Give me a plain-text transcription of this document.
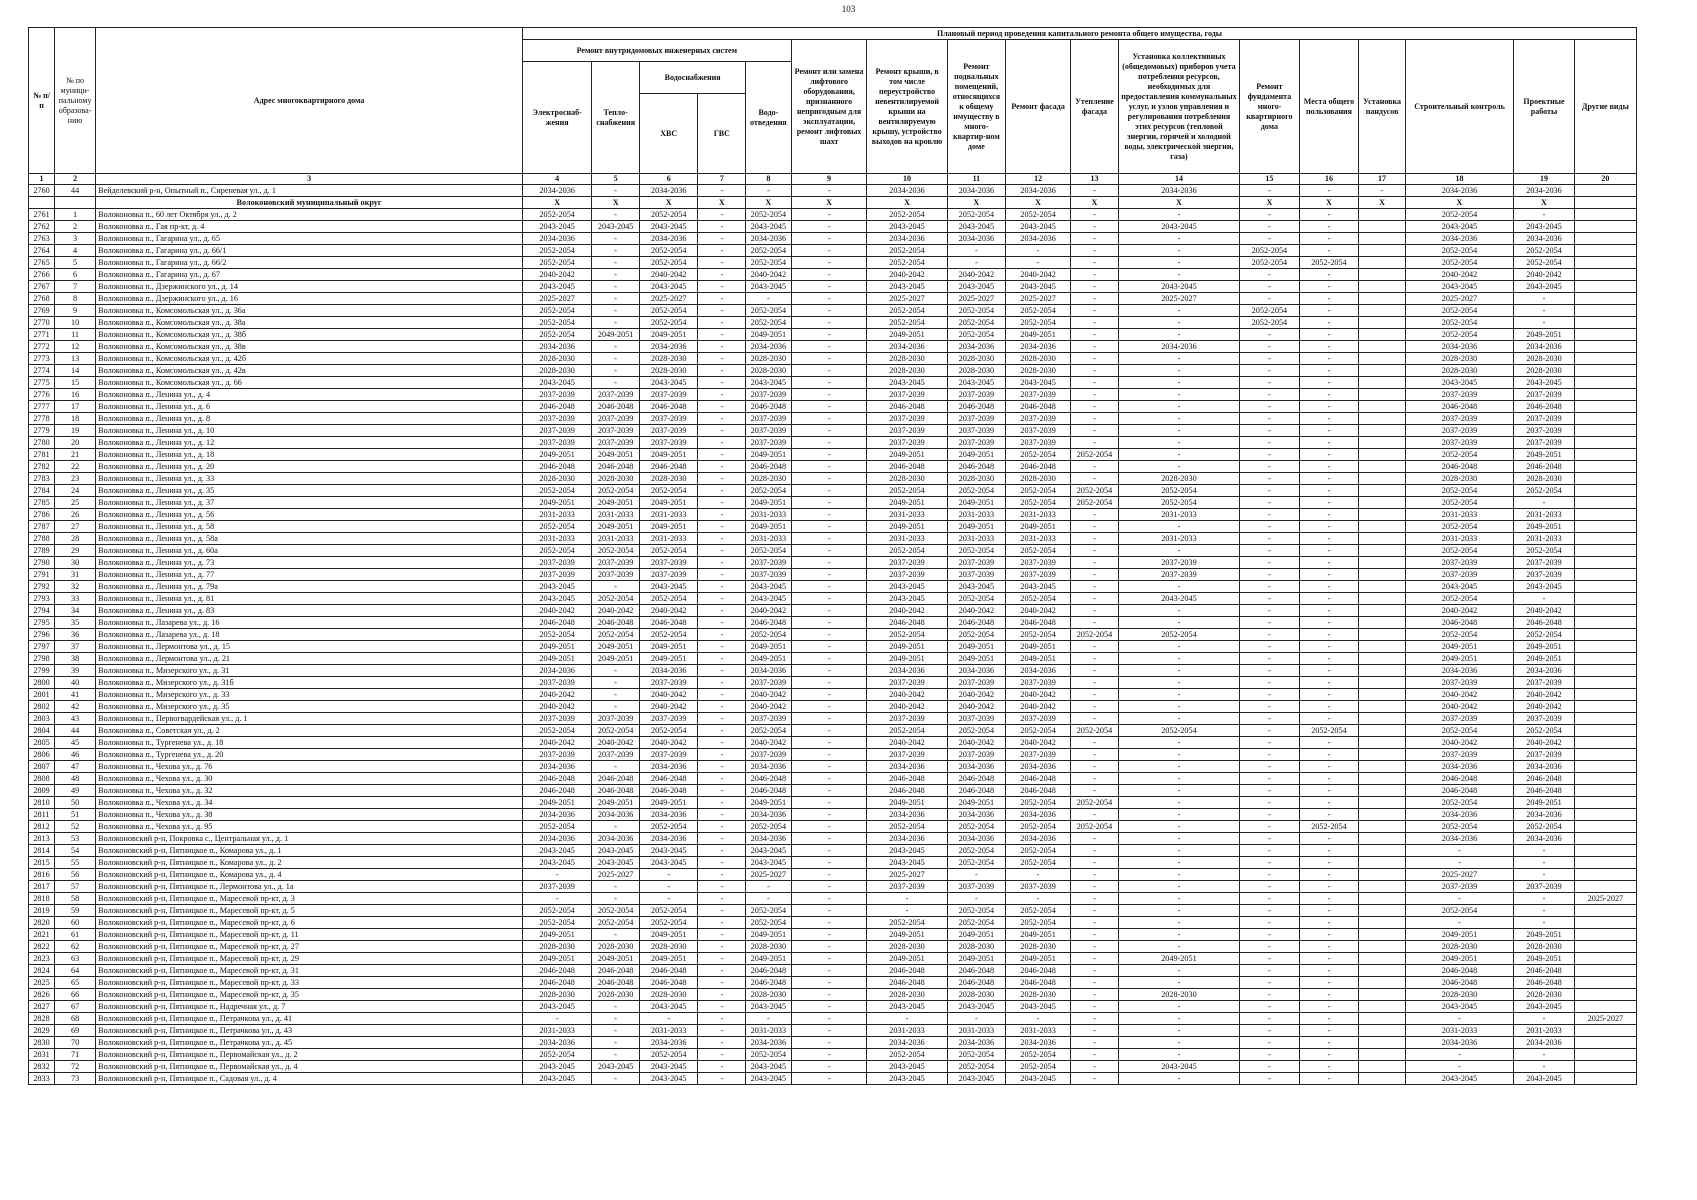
103
№ п/п	№ по муници-пальному образова-нию	Адрес многоквартирного дома	Плановый период проведения капитального ремонта общего имущества, годы																
			Ремонт внутридомовых инженерных систем					Ремонт или замена лифтового оборудования, признанного непригодным для эксплуатации, ремонт лифтовых шахт	Ремонт крыши, в том числе переустройство невентилируемой крыши на вентилируемую крышу, устройство выходов на кровлю	Ремонт подвальных помещений, относящихся к общему имуществу в много-квартир-ном доме	Ремонт фасада	Утепление фасада	Установка коллективных (общедомовых) приборов учета потребления ресурсов, необходимых для предоставления коммунальных услуг, и узлов управления и регулирования потребления этих ресурсов (тепловой энергии, горячей и холодной воды, электрической энергии, газа)	Ремонт фундамента много-квартирного дома	Места общего пользования	Установка пандусов	Строительный контроль	Проектные работы	Другие виды
			Электроснаб-жения	Тепло-снабжения	Водоснабжения		Водо-отведения												
					ХВС	ГВС													
1	2	3	4	5	6	7	8	9	10	11	12	13	14	15	16	17	18	19	20
2760	44	Вейделевский р-н, Опытный п., Сиреневая ул., д. 1	2034-2036	-	2034-2036	-	-	-	2034-2036	2034-2036	2034-2036	-	2034-2036	-	-	-	2034-2036	2034-2036	
		Волоконовский муниципальный округ	X	X	X	X	X	X	X	X	X	X	X	X	X	X	X	X	
2761	1	Волоконовка п., 60 лет Октября ул., д. 2	2052-2054	-	2052-2054	-	2052-2054	-	2052-2054	2052-2054	2052-2054	-	-	-	-		2052-2054	-	
2762	2	Волоконовка п., Гая пр-кт, д. 4	2043-2045	2043-2045	2043-2045	-	2043-2045	-	2043-2045	2043-2045	2043-2045	-	2043-2045	-	-		2043-2045	2043-2045	
2763	3	Волоконовка п., Гагарина ул., д. 65	2034-2036	-	2034-2036	-	2034-2036	-	2034-2036	2034-2036	2034-2036	-	-	-	-		2034-2036	2034-2036	
2764	4	Волоконовка п., Гагарина ул., д. 66/1	2052-2054	-	2052-2054	-	2052-2054	-	2052-2054	-	-	-	-	2052-2054	-		2052-2054	2052-2054	
2765	5	Волоконовка п., Гагарина ул., д. 66/2	2052-2054	-	2052-2054	-	2052-2054	-	2052-2054	-	-	-	-	2052-2054	2052-2054		2052-2054	2052-2054	
2766	6	Волоконовка п., Гагарина ул., д. 67	2040-2042	-	2040-2042	-	2040-2042	-	2040-2042	2040-2042	2040-2042	-	-	-	-		2040-2042	2040-2042	
2767	7	Волоконовка п., Дзержинского ул., д. 14	2043-2045	-	2043-2045	-	2043-2045	-	2043-2045	2043-2045	2043-2045	-	2043-2045	-	-		2043-2045	2043-2045	
2768	8	Волоконовка п., Дзержинского ул., д. 16	2025-2027	-	2025-2027	-	-	-	2025-2027	2025-2027	2025-2027	-	2025-2027	-	-		2025-2027	-	
2769	9	Волоконовка п., Комсомольская ул., д. 36а	2052-2054	-	2052-2054	-	2052-2054	-	2052-2054	2052-2054	2052-2054	-	-	2052-2054	-		2052-2054	-	
2770	10	Волоконовка п., Комсомольская ул., д. 38а	2052-2054	-	2052-2054	-	2052-2054	-	2052-2054	2052-2054	2052-2054	-	-	2052-2054	-		2052-2054	-	
2771	11	Волоконовка п., Комсомольская ул., д. 38б	2052-2054	2049-2051	2049-2051	-	2049-2051	-	2049-2051	2052-2054	2049-2051	-	-	-	-		2052-2054	2049-2051	
2772	12	Волоконовка п., Комсомольская ул., д. 38в	2034-2036	-	2034-2036	-	2034-2036	-	2034-2036	2034-2036	2034-2036	-	2034-2036	-	-		2034-2036	2034-2036	
2773	13	Волоконовка п., Комсомольская ул., д. 42б	2028-2030	-	2028-2030	-	2028-2030	-	2028-2030	2028-2030	2028-2030	-	-	-	-		2028-2030	2028-2030	
2774	14	Волоконовка п., Комсомольская ул., д. 42в	2028-2030	-	2028-2030	-	2028-2030	-	2028-2030	2028-2030	2028-2030	-	-	-	-		2028-2030	2028-2030	
2775	15	Волоконовка п., Комсомольская ул., д. 66	2043-2045	-	2043-2045	-	2043-2045	-	2043-2045	2043-2045	2043-2045	-	-	-	-		2043-2045	2043-2045	
2776	16	Волоконовка п., Ленина ул., д. 4	2037-2039	2037-2039	2037-2039	-	2037-2039	-	2037-2039	2037-2039	2037-2039	-	-	-	-		2037-2039	2037-2039	
2777	17	Волоконовка п., Ленина ул., д. 6	2046-2048	2046-2048	2046-2048	-	2046-2048	-	2046-2048	2046-2048	2046-2048	-	-	-	-		2046-2048	2046-2048	
2778	18	Волоконовка п., Ленина ул., д. 8	2037-2039	2037-2039	2037-2039	-	2037-2039	-	2037-2039	2037-2039	2037-2039	-	-	-	-		2037-2039	2037-2039	
2779	19	Волоконовка п., Ленина ул., д. 10	2037-2039	2037-2039	2037-2039	-	2037-2039	-	2037-2039	2037-2039	2037-2039	-	-	-	-		2037-2039	2037-2039	
2780	20	Волоконовка п., Ленина ул., д. 12	2037-2039	2037-2039	2037-2039	-	2037-2039	-	2037-2039	2037-2039	2037-2039	-	-	-	-		2037-2039	2037-2039	
2781	21	Волоконовка п., Ленина ул., д. 18	2049-2051	2049-2051	2049-2051	-	2049-2051	-	2049-2051	2049-2051	2052-2054	2052-2054	-	-	-		2052-2054	2049-2051	
2782	22	Волоконовка п., Ленина ул., д. 20	2046-2048	2046-2048	2046-2048	-	2046-2048	-	2046-2048	2046-2048	2046-2048	-	-	-	-		2046-2048	2046-2048	
2783	23	Волоконовка п., Ленина ул., д. 33	2028-2030	2028-2030	2028-2030	-	2028-2030	-	2028-2030	2028-2030	2028-2030	-	2028-2030	-	-		2028-2030	2028-2030	
2784	24	Волоконовка п., Ленина ул., д. 35	2052-2054	2052-2054	2052-2054	-	2052-2054	-	2052-2054	2052-2054	2052-2054	2052-2054	2052-2054	-	-		2052-2054	2052-2054	
2785	25	Волоконовка п., Ленина ул., д. 37	2049-2051	2049-2051	2049-2051	-	2049-2051	-	2049-2051	2049-2051	2052-2054	2052-2054	2052-2054	-	-		2052-2054	-	
2786	26	Волоконовка п., Ленина ул., д. 56	2031-2033	2031-2033	2031-2033	-	2031-2033	-	2031-2033	2031-2033	2031-2033	-	2031-2033	-	-		2031-2033	2031-2033	
2787	27	Волоконовка п., Ленина ул., д. 58	2052-2054	2049-2051	2049-2051	-	2049-2051	-	2049-2051	2049-2051	2049-2051	-	-	-	-		2052-2054	2049-2051	
2788	28	Волоконовка п., Ленина ул., д. 58а	2031-2033	2031-2033	2031-2033	-	2031-2033	-	2031-2033	2031-2033	2031-2033	-	2031-2033	-	-		2031-2033	2031-2033	
2789	29	Волоконовка п., Ленина ул., д. 60а	2052-2054	2052-2054	2052-2054	-	2052-2054	-	2052-2054	2052-2054	2052-2054	-	-	-	-		2052-2054	2052-2054	
2790	30	Волоконовка п., Ленина ул., д. 73	2037-2039	2037-2039	2037-2039	-	2037-2039	-	2037-2039	2037-2039	2037-2039	-	2037-2039	-	-		2037-2039	2037-2039	
2791	31	Волоконовка п., Ленина ул., д. 77	2037-2039	2037-2039	2037-2039	-	2037-2039	-	2037-2039	2037-2039	2037-2039	-	2037-2039	-	-		2037-2039	2037-2039	
2792	32	Волоконовка п., Ленина ул., д. 79а	2043-2045	-	2043-2045	-	2043-2045	-	2043-2045	2043-2045	2043-2045	-	-	-	-		2043-2045	2043-2045	
2793	33	Волоконовка п., Ленина ул., д. 81	2043-2045	2052-2054	2052-2054	-	2043-2045	-	2043-2045	2052-2054	2052-2054	-	2043-2045	-	-		2052-2054	-	
2794	34	Волоконовка п., Ленина ул., д. 83	2040-2042	2040-2042	2040-2042	-	2040-2042	-	2040-2042	2040-2042	2040-2042	-	-	-	-		2040-2042	2040-2042	
2795	35	Волоконовка п., Лазарева ул., д. 16	2046-2048	2046-2048	2046-2048	-	2046-2048	-	2046-2048	2046-2048	2046-2048	-	-	-	-		2046-2048	2046-2048	
2796	36	Волоконовка п., Лазарева ул., д. 18	2052-2054	2052-2054	2052-2054	-	2052-2054	-	2052-2054	2052-2054	2052-2054	2052-2054	2052-2054	-	-		2052-2054	2052-2054	
2797	37	Волоконовка п., Лермонтова ул., д. 15	2049-2051	2049-2051	2049-2051	-	2049-2051	-	2049-2051	2049-2051	2049-2051	-	-	-	-		2049-2051	2049-2051	
2798	38	Волоконовка п., Лермонтова ул., д. 21	2049-2051	2049-2051	2049-2051	-	2049-2051	-	2049-2051	2049-2051	2049-2051	-	-	-	-		2049-2051	2049-2051	
2799	39	Волоконовка п., Мизерского ул., д. 31	2034-2036	-	2034-2036	-	2034-2036	-	2034-2036	2034-2036	2034-2036	-	-	-	-		2034-2036	2034-2036	
2800	40	Волоконовка п., Мизерского ул., д. 31б	2037-2039	-	2037-2039	-	2037-2039	-	2037-2039	2037-2039	2037-2039	-	-	-	-		2037-2039	2037-2039	
2801	41	Волоконовка п., Мизерского ул., д. 33	2040-2042	-	2040-2042	-	2040-2042	-	2040-2042	2040-2042	2040-2042	-	-	-	-		2040-2042	2040-2042	
2802	42	Волоконовка п., Мизерского ул., д. 35	2040-2042	-	2040-2042	-	2040-2042	-	2040-2042	2040-2042	2040-2042	-	-	-	-		2040-2042	2040-2042	
2803	43	Волоконовка п., Первогвардейская ул., д. 1	2037-2039	2037-2039	2037-2039	-	2037-2039	-	2037-2039	2037-2039	2037-2039	-	-	-	-		2037-2039	2037-2039	
2804	44	Волоконовка п., Советская ул., д. 2	2052-2054	2052-2054	2052-2054	-	2052-2054	-	2052-2054	2052-2054	2052-2054	2052-2054	2052-2054	-	2052-2054		2052-2054	2052-2054	
2805	45	Волоконовка п., Тургенева ул., д. 18	2040-2042	2040-2042	2040-2042	-	2040-2042	-	2040-2042	2040-2042	2040-2042	-	-	-	-		2040-2042	2040-2042	
2806	46	Волоконовка п., Тургенева ул., д. 20	2037-2039	2037-2039	2037-2039	-	2037-2039	-	2037-2039	2037-2039	2037-2039	-	-	-	-		2037-2039	2037-2039	
2807	47	Волоконовка п., Чехова ул., д. 76	2034-2036	-	2034-2036	-	2034-2036	-	2034-2036	2034-2036	2034-2036	-	-	-	-		2034-2036	2034-2036	
2808	48	Волоконовка п., Чехова ул., д. 30	2046-2048	2046-2048	2046-2048	-	2046-2048	-	2046-2048	2046-2048	2046-2048	-	-	-	-		2046-2048	2046-2048	
2809	49	Волоконовка п., Чехова ул., д. 32	2046-2048	2046-2048	2046-2048	-	2046-2048	-	2046-2048	2046-2048	2046-2048	-	-	-	-		2046-2048	2046-2048	
2810	50	Волоконовка п., Чехова ул., д. 34	2049-2051	2049-2051	2049-2051	-	2049-2051	-	2049-2051	2049-2051	2052-2054	2052-2054	-	-	-		2052-2054	2049-2051	
2811	51	Волоконовка п., Чехова ул., д. 38	2034-2036	2034-2036	2034-2036	-	2034-2036	-	2034-2036	2034-2036	2034-2036	-	-	-	-		2034-2036	2034-2036	
2812	52	Волоконовка п., Чехова ул., д. 95	2052-2054	-	2052-2054	-	2052-2054	-	2052-2054	2052-2054	2052-2054	2052-2054	-	-	2052-2054		2052-2054	2052-2054	
2813	53	Волоконовский р-н, Покровка с., Центральная ул., д. 1	2034-2036	2034-2036	2034-2036	-	2034-2036	-	2034-2036	2034-2036	2034-2036	-	-	-	-		2034-2036	2034-2036	
2814	54	Волоконовский р-н, Пятницкое п., Комарова ул., д. 1	2043-2045	2043-2045	2043-2045	-	2043-2045	-	2043-2045	2052-2054	2052-2054	-	-	-	-		-	-	
2815	55	Волоконовский р-н, Пятницкое п., Комарова ул., д. 2	2043-2045	2043-2045	2043-2045	-	2043-2045	-	2043-2045	2052-2054	2052-2054	-	-	-	-		-	-	
2816	56	Волоконовский р-н, Пятницкое п., Комарова ул., д. 4	-	2025-2027	-	-	2025-2027	-	2025-2027	-	-	-	-	-	-		2025-2027	-	
2817	57	Волоконовский р-н, Пятницкое п., Лермонтова ул., д. 1а	2037-2039	-	-	-	-	-	2037-2039	2037-2039	2037-2039	-	-	-	-		2037-2039	2037-2039	
2818	58	Волоконовский р-н, Пятницкое п., Маресевой пр-кт, д. 3	-	-	-	-	-	-	-	-	-	-	-	-	-		-	-	2025-2027
2819	59	Волоконовский р-н, Пятницкое п., Маресевой пр-кт, д. 5	2052-2054	2052-2054	2052-2054	-	2052-2054	-	-	2052-2054	2052-2054	-	-	-	-		2052-2054	-	
2820	60	Волоконовский р-н, Пятницкое п., Маресевой пр-кт, д. 6	2052-2054	2052-2054	2052-2054	-	2052-2054	-	2052-2054	2052-2054	2052-2054	-	-	-	-		-	-	
2821	61	Волоконовский р-н, Пятницкое п., Маресевой пр-кт, д. 11	2049-2051	-	2049-2051	-	2049-2051	-	2049-2051	2049-2051	2049-2051	-	-	-	-		2049-2051	2049-2051	
2822	62	Волоконовский р-н, Пятницкое п., Маресевой пр-кт, д. 27	2028-2030	2028-2030	2028-2030	-	2028-2030	-	2028-2030	2028-2030	2028-2030	-	-	-	-		2028-2030	2028-2030	
2823	63	Волоконовский р-н, Пятницкое п., Маресевой пр-кт, д. 29	2049-2051	2049-2051	2049-2051	-	2049-2051	-	2049-2051	2049-2051	2049-2051	-	2049-2051	-	-		2049-2051	2049-2051	
2824	64	Волоконовский р-н, Пятницкое п., Маресевой пр-кт, д. 31	2046-2048	2046-2048	2046-2048	-	2046-2048	-	2046-2048	2046-2048	2046-2048	-	-	-	-		2046-2048	2046-2048	
2825	65	Волоконовский р-н, Пятницкое п., Маресевой пр-кт, д. 33	2046-2048	2046-2048	2046-2048	-	2046-2048	-	2046-2048	2046-2048	2046-2048	-	-	-	-		2046-2048	2046-2048	
2826	66	Волоконовский р-н, Пятницкое п., Маресевой пр-кт, д. 35	2028-2030	2028-2030	2028-2030	-	2028-2030	-	2028-2030	2028-2030	2028-2030	-	2028-2030	-	-		2028-2030	2028-2030	
2827	67	Волоконовский р-н, Пятницкое п., Надречная ул., д. 7	2043-2045	-	2043-2045	-	2043-2045	-	2043-2045	2043-2045	2043-2045	-	-	-	-		2043-2045	2043-2045	
2828	68	Волоконовский р-н, Пятницкое п., Петрачкова ул., д. 41	-	-	-	-	-	-	-	-	-	-	-	-	-		-	-	2025-2027
2829	69	Волоконовский р-н, Пятницкое п., Петрачкова ул., д. 43	2031-2033	-	2031-2033	-	2031-2033	-	2031-2033	2031-2033	2031-2033	-	-	-	-		2031-2033	2031-2033	
2830	70	Волоконовский р-н, Пятницкое п., Петрачкова ул., д. 45	2034-2036	-	2034-2036	-	2034-2036	-	2034-2036	2034-2036	2034-2036	-	-	-	-		2034-2036	2034-2036	
2831	71	Волоконовский р-н, Пятницкое п., Первомайская ул., д. 2	2052-2054	-	2052-2054	-	2052-2054	-	2052-2054	2052-2054	2052-2054	-	-	-	-		-	-	
2832	72	Волоконовский р-н, Пятницкое п., Первомайская ул., д. 4	2043-2045	2043-2045	2043-2045	-	2043-2045	-	2043-2045	2052-2054	2052-2054	-	2043-2045	-	-		-	-	
2833	73	Волоконовский р-н, Пятницкое п., Садовая ул., д. 4	2043-2045	-	2043-2045	-	2043-2045	-	2043-2045	2043-2045	2043-2045	-	-	-	-		2043-2045	2043-2045	
